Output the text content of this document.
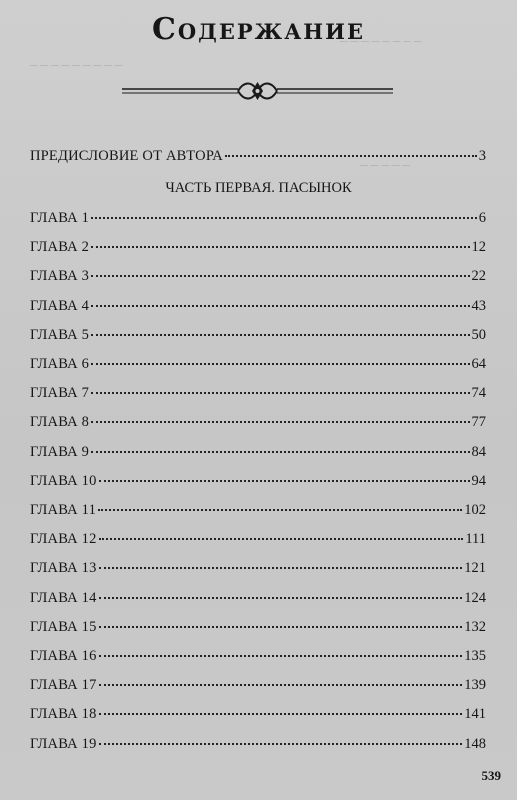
─ ─ ─ ─ ─ ─ ─ ─
─ ─ ─ ─ ─ ─ ─ ─ ─
─ ─ ─ ─ ─
Содержание
ПРЕДИСЛОВИЕ ОТ АВТОРА	3
ЧАСТЬ ПЕРВАЯ. ПАСЫНОК
ГЛАВА 1	6
ГЛАВА 2	12
ГЛАВА 3	22
ГЛАВА 4	43
ГЛАВА 5	50
ГЛАВА 6	64
ГЛАВА 7	74
ГЛАВА 8	77
ГЛАВА 9	84
ГЛАВА 10	94
ГЛАВА 11	102
ГЛАВА 12	111
ГЛАВА 13	121
ГЛАВА 14	124
ГЛАВА 15	132
ГЛАВА 16	135
ГЛАВА 17	139
ГЛАВА 18	141
ГЛАВА 19	148
539
